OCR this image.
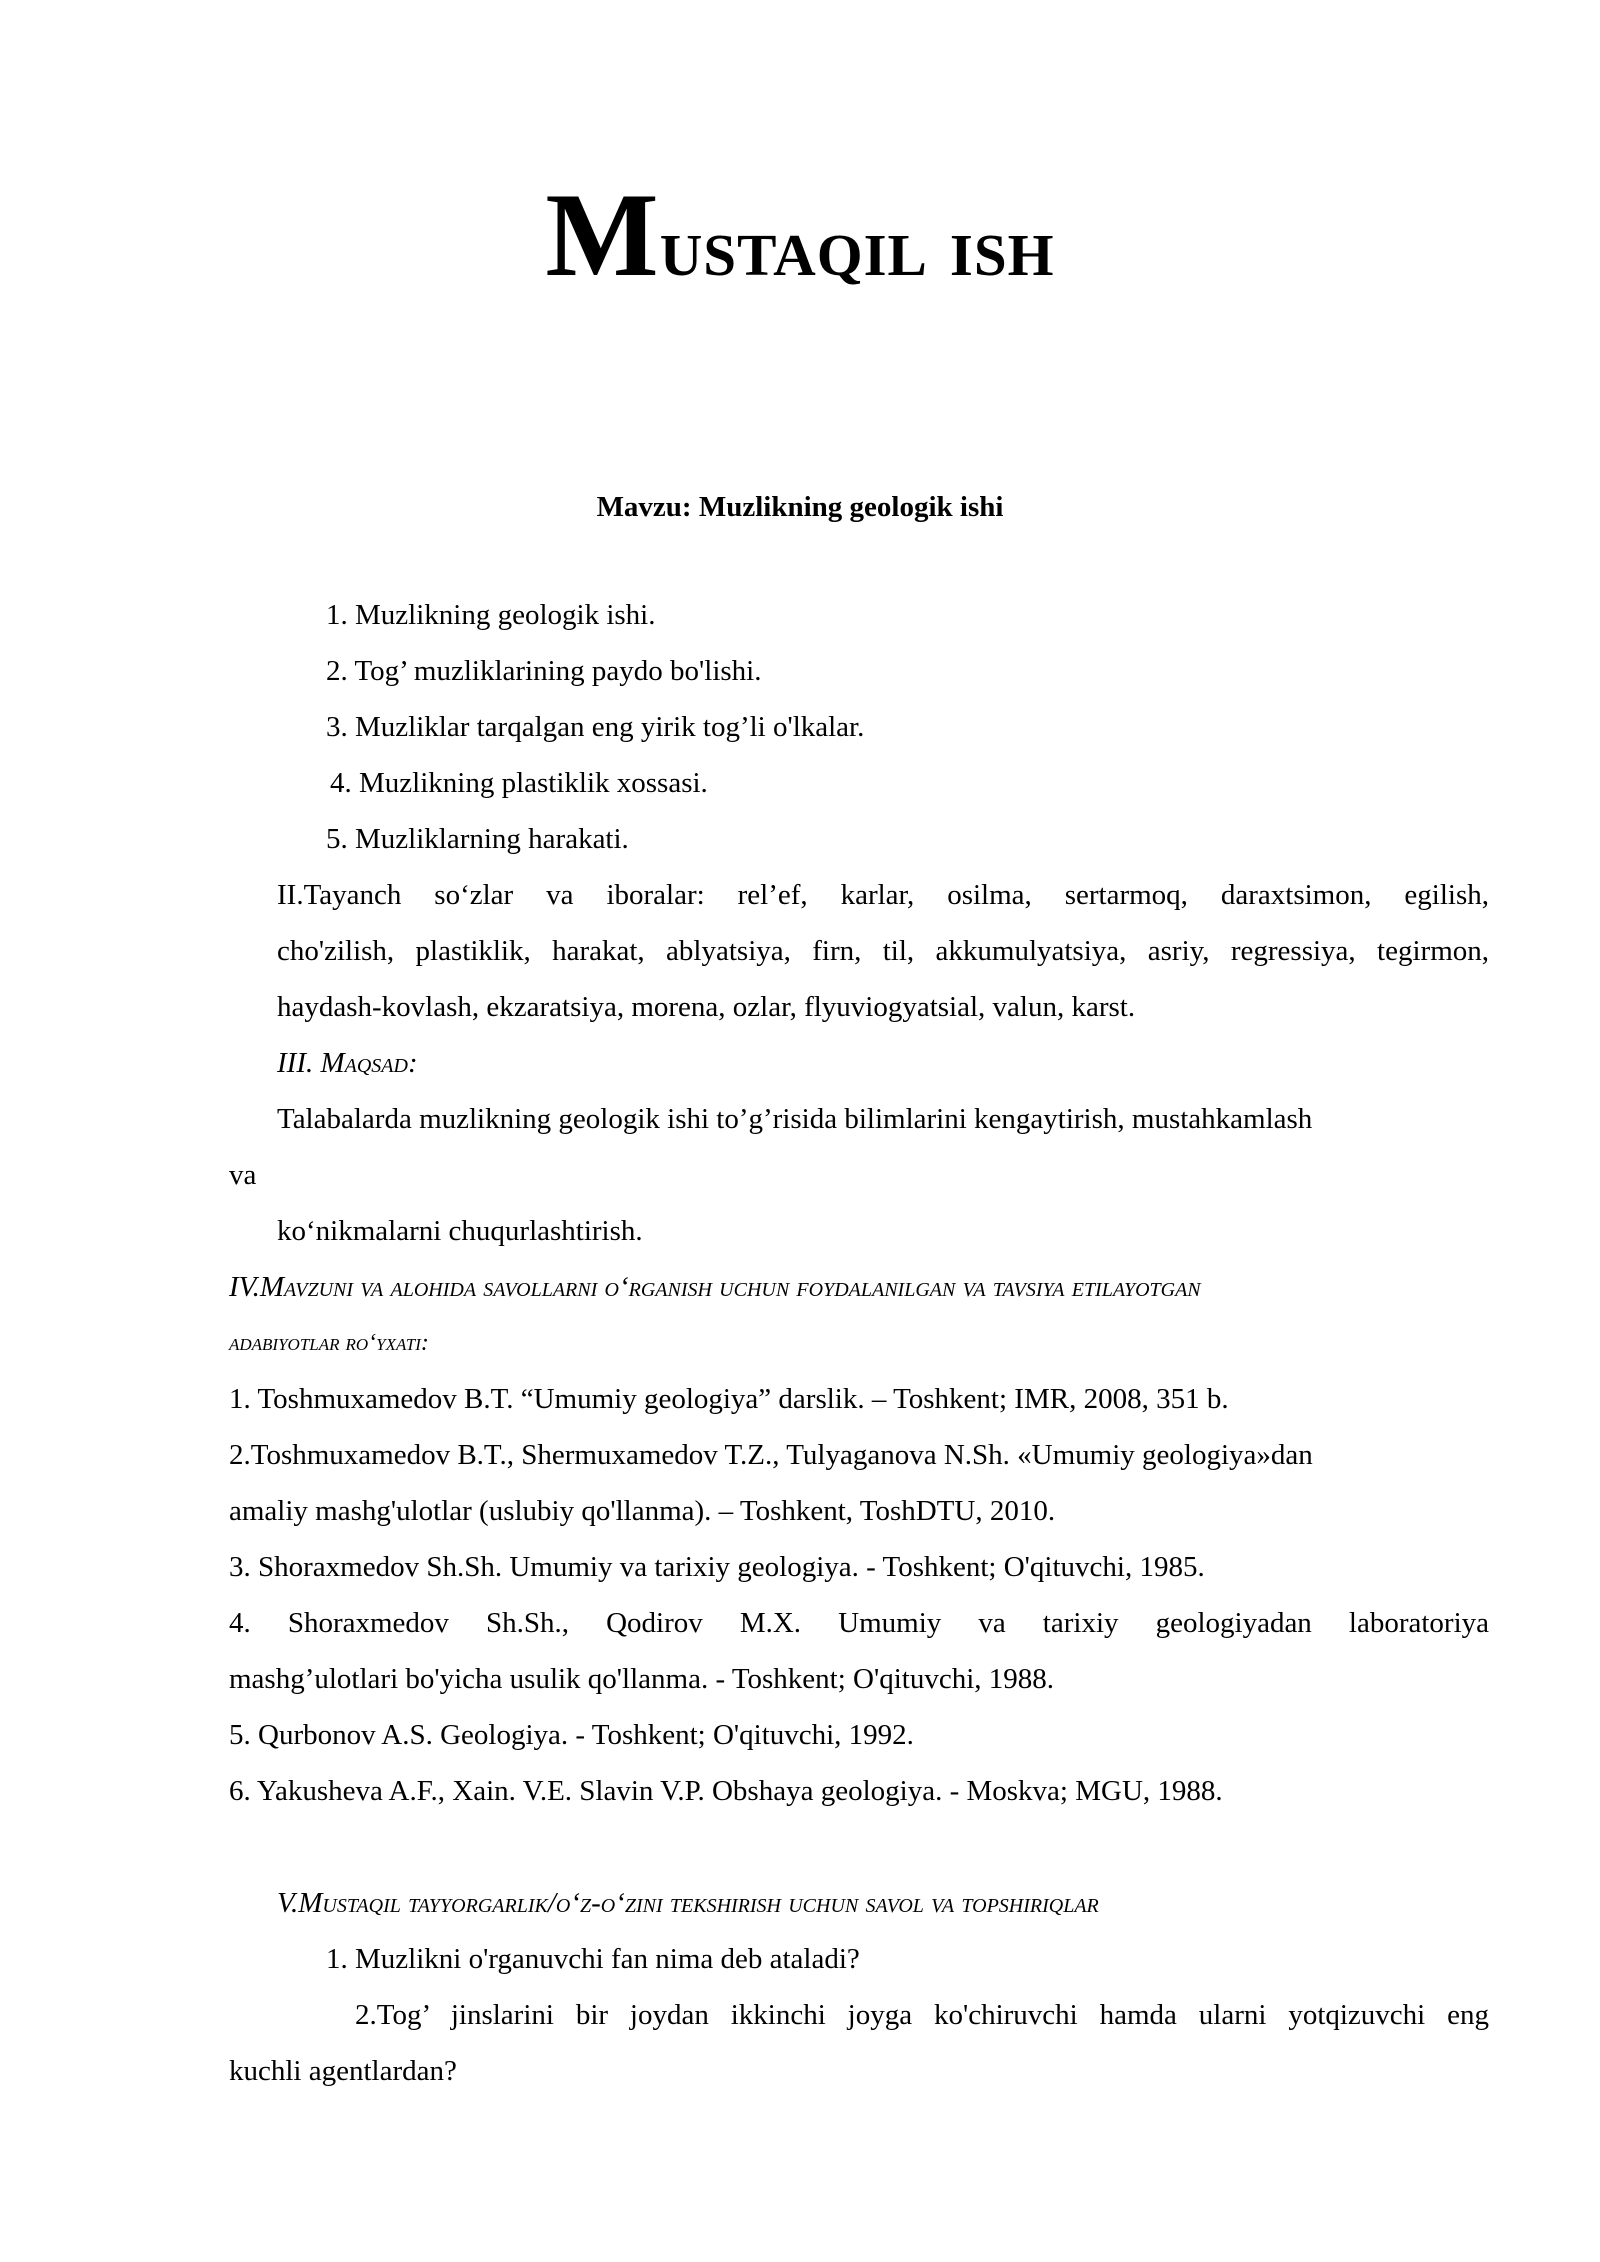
Mustaqil ish
Mavzu: Muzlikning geologik ishi
1. Muzlikning geologik ishi.
2. Tog’ muzliklarining paydo bo'lishi.
3. Muzliklar tarqalgan eng yirik tog’li o'lkalar.
4. Muzlikning plastiklik xossasi.
5. Muzliklarning harakati.
II.Tayanch so‘zlar va iboralar: rel’ef, karlar, osilma, sertarmoq, daraxtsimon, egilish,
cho'zilish, plastiklik, harakat, ablyatsiya, firn, til, akkumulyatsiya, asriy, regressiya, tegirmon,
haydash-kovlash, ekzaratsiya, morena, ozlar, flyuviogyatsial, valun, karst.
III. Maqsad:
Talabalarda muzlikning geologik ishi to’g’risida bilimlarini kengaytirish, mustahkamlash
va
ko‘nikmalarni chuqurlashtirish.
IV.Mavzuni va alohida savollarni o‘rganish uchun foydalanilgan va tavsiya etilayotgan
adabiyotlar ro‘yxati:
1. Toshmuxamedov B.T. “Umumiy geologiya” darslik. – Toshkent; IMR, 2008, 351 b.
2.Toshmuxamedov B.T., Shermuxamedov T.Z., Tulyaganova N.Sh. «Umumiy geologiya»dan
amaliy mashg'ulotlar (uslubiy qo'llanma). – Toshkent, ToshDTU, 2010.
3. Shoraxmedov Sh.Sh. Umumiy va tarixiy geologiya. - Toshkent; O'qituvchi, 1985.
4. Shoraxmedov Sh.Sh., Qodirov M.X. Umumiy va tarixiy geologiyadan laboratoriya
mashg’ulotlari bo'yicha usulik qo'llanma. - Toshkent; O'qituvchi, 1988.
5. Qurbonov A.S. Geologiya. - Toshkent; O'qituvchi, 1992.
6. Yakusheva A.F., Xain. V.E. Slavin V.P. Obshaya geologiya. - Moskva; MGU, 1988.
V.Mustaqil tayyorgarlik/o‘z-o‘zini tekshirish uchun savol va topshiriqlar
1. Muzlikni o'rganuvchi fan nima deb ataladi?
2.Tog’ jinslarini bir joydan ikkinchi joyga ko'chiruvchi hamda ularni yotqizuvchi eng
kuchli agentlardan?
